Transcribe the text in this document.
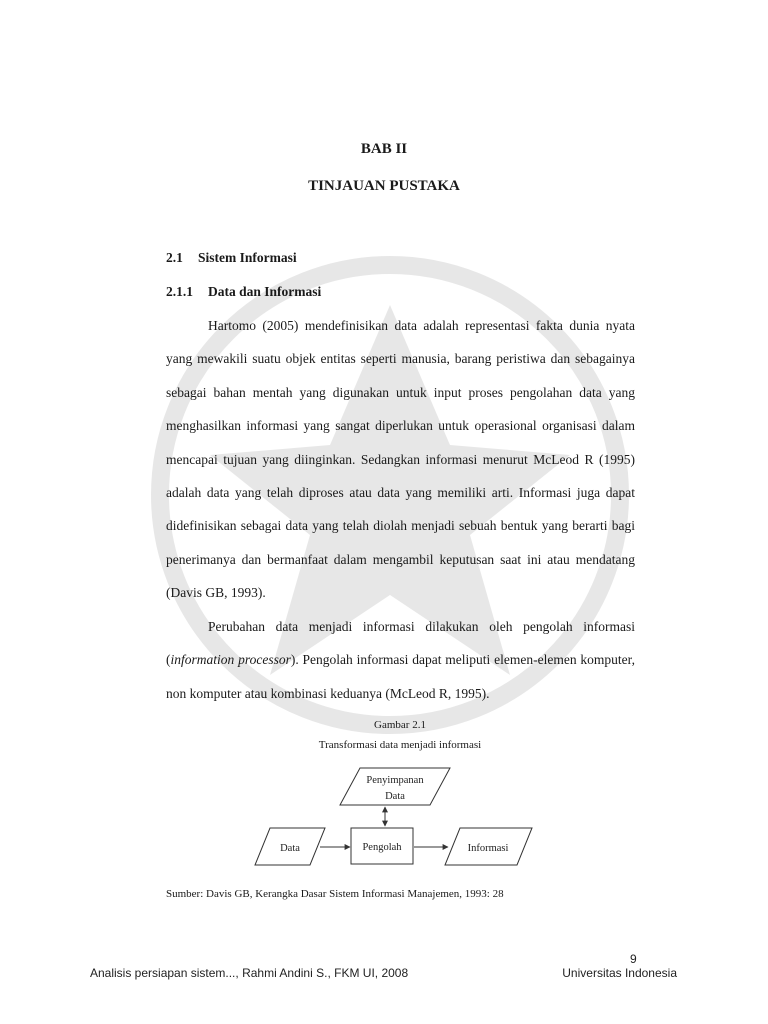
BAB II
TINJAUAN PUSTAKA
2.1 Sistem Informasi
2.1.1 Data dan Informasi

Hartomo (2005) mendefinisikan data adalah representasi fakta dunia nyata yang mewakili suatu objek entitas seperti manusia, barang peristiwa dan sebagainya sebagai bahan mentah yang digunakan untuk input proses pengolahan data yang menghasilkan informasi yang sangat diperlukan untuk operasional organisasi dalam mencapai tujuan yang diinginkan. Sedangkan informasi menurut McLeod R (1995) adalah data yang telah diproses atau data yang memiliki arti. Informasi juga dapat didefinisikan sebagai data yang telah diolah menjadi sebuah bentuk yang berarti bagi penerimanya dan bermanfaat dalam mengambil keputusan saat ini atau mendatang (Davis GB, 1993).

Perubahan data menjadi informasi dilakukan oleh pengolah informasi (information processor). Pengolah informasi dapat meliputi elemen-elemen komputer, non komputer atau kombinasi keduanya (McLeod R, 1995).

Gambar 2.1
Transformasi data menjadi informasi
Penyimpanan
Data
Data	Pengolah	Informasi
Sumber: Davis GB, Kerangka Dasar Sistem Informasi Manajemen, 1993: 28
9
Analisis persiapan sistem..., Rahmi Andini S., FKM UI, 2008	Universitas Indonesia
